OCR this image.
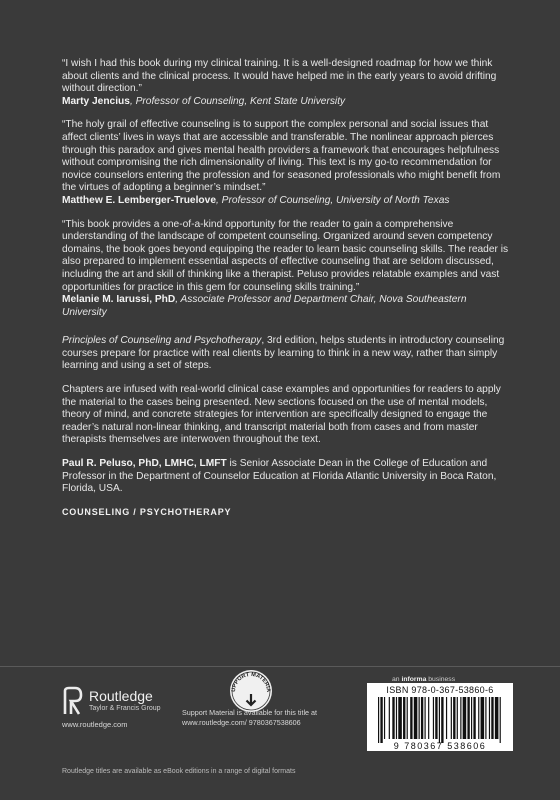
“I wish I had this book during my clinical training. It is a well-designed roadmap for how we think about clients and the clinical process. It would have helped me in the early years to avoid drifting without direction.”

Marty Jencius, Professor of Counseling, Kent State University

“The holy grail of effective counseling is to support the complex personal and social issues that affect clients’ lives in ways that are accessible and transferable. The nonlinear approach pierces through this paradox and gives mental health providers a framework that encourages helpfulness without compromising the rich dimensionality of living. This text is my go-to recommendation for novice counselors entering the profession and for seasoned professionals who might benefit from the virtues of adopting a beginner’s mindset.”

Matthew E. Lemberger-Truelove, Professor of Counseling, University of North Texas

“This book provides a one-of-a-kind opportunity for the reader to gain a comprehensive understanding of the landscape of competent counseling. Organized around seven competency domains, the book goes beyond equipping the reader to learn basic counseling skills. The reader is also prepared to implement essential aspects of effective counseling that are seldom discussed, including the art and skill of thinking like a therapist. Peluso provides relatable examples and vast opportunities for practice in this gem for counseling skills training.”

Melanie M. Iarussi, PhD, Associate Professor and Department Chair, Nova Southeastern University

Principles of Counseling and Psychotherapy, 3rd edition, helps students in introductory counseling courses prepare for practice with real clients by learning to think in a new way, rather than simply learning and using a set of steps.

Chapters are infused with real-world clinical case examples and opportunities for readers to apply the material to the cases being presented. New sections focused on the use of mental models, theory of mind, and concrete strategies for intervention are specifically designed to engage the reader’s natural non-linear thinking, and transcript material both from cases and from master therapists themselves are interwoven throughout the text.

Paul R. Peluso, PhD, LMHC, LMFT is Senior Associate Dean in the College of Education and Professor in the Department of Counselor Education at Florida Atlantic University in Boca Raton, Florida, USA.

COUNSELING / PSYCHOTHERAPY
Routledge
Taylor & Francis Group
www.routledge.com
UPPORT MATERIA
Support Material is available for this title at
www.routledge.com/ 9780367538606
an informa business
ISBN 978-0-367-53860-6
9 780367 538606
Routledge titles are available as eBook editions in a range of digital formats
